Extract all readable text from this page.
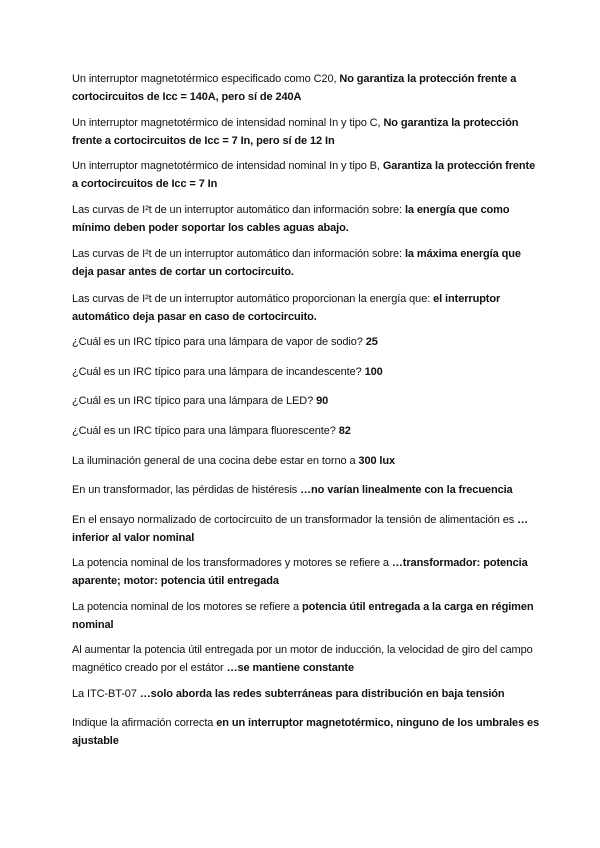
Un interruptor magnetotérmico especificado como C20, No garantiza la protección frente a cortocircuitos de Icc = 140A, pero sí de 240A

Un interruptor magnetotérmico de intensidad nominal In y tipo C, No garantiza la protección frente a cortocircuitos de Icc = 7 In, pero sí de 12 In

Un interruptor magnetotérmico de intensidad nominal In y tipo B, Garantiza la protección frente a cortocircuitos de Icc = 7 In

Las curvas de I²t de un interruptor automático dan información sobre: la energía que como mínimo deben poder soportar los cables aguas abajo.

Las curvas de I²t de un interruptor automático dan información sobre: la máxima energía que deja pasar antes de cortar un cortocircuito.

Las curvas de I²t de un interruptor automático proporcionan la energía que: el interruptor automático deja pasar en caso de cortocircuito.

¿Cuál es un IRC típico para una lámpara de vapor de sodio? 25

¿Cuál es un IRC típico para una lámpara de incandescente? 100

¿Cuál es un IRC típico para una lámpara de LED? 90

¿Cuál es un IRC típico para una lámpara fluorescente? 82

La iluminación general de una cocina debe estar en torno a 300 lux

En un transformador, las pérdidas de histéresis …no varían linealmente con la frecuencia

En el ensayo normalizado de cortocircuito de un transformador la tensión de alimentación es …inferior al valor nominal

La potencia nominal de los transformadores y motores se refiere a …transformador: potencia aparente; motor: potencia útil entregada

La potencia nominal de los motores se refiere a potencia útil entregada a la carga en régimen nominal

Al aumentar la potencia útil entregada por un motor de inducción, la velocidad de giro del campo magnético creado por el estátor …se mantiene constante

La ITC-BT-07 …solo aborda las redes subterráneas para distribución en baja tensión

Indique la afirmación correcta en un interruptor magnetotérmico, ninguno de los umbrales es ajustable
